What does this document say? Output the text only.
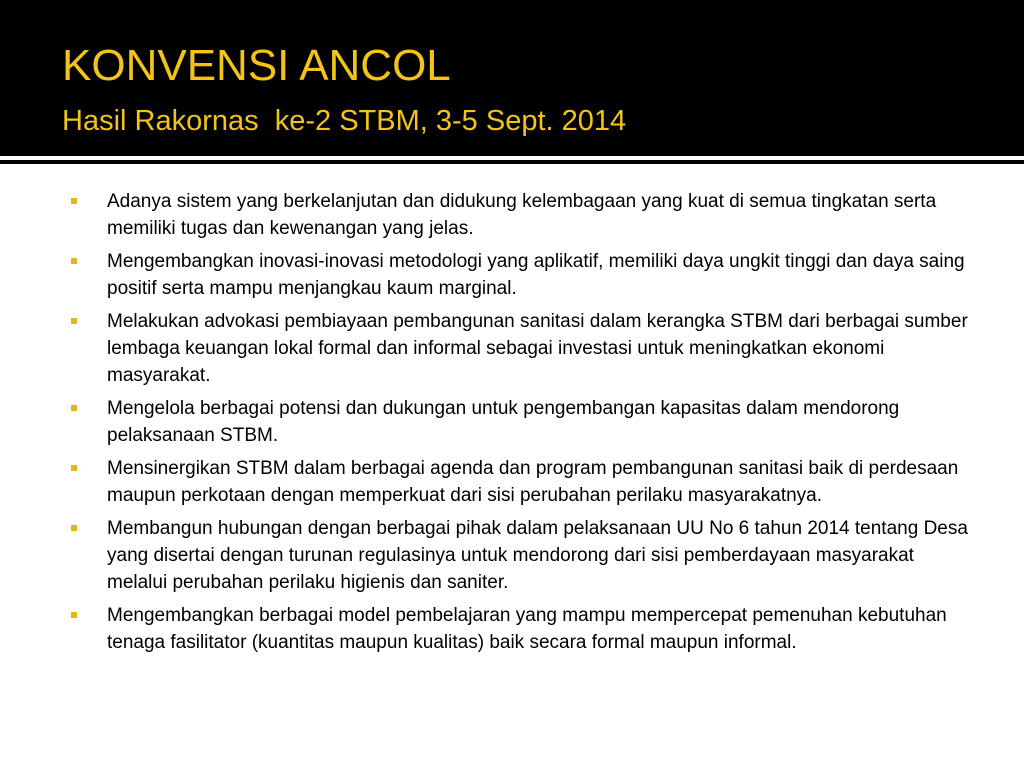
KONVENSI ANCOL
Hasil Rakornas  ke-2 STBM, 3-5 Sept. 2014
Adanya sistem yang berkelanjutan dan didukung kelembagaan yang kuat di semua tingkatan serta memiliki tugas dan kewenangan yang jelas.
Mengembangkan inovasi-inovasi metodologi yang aplikatif, memiliki daya ungkit tinggi dan daya saing positif serta mampu menjangkau kaum marginal.
Melakukan advokasi pembiayaan pembangunan sanitasi dalam kerangka STBM dari berbagai sumber lembaga keuangan lokal formal dan informal sebagai investasi untuk meningkatkan ekonomi masyarakat.
Mengelola berbagai potensi dan dukungan untuk pengembangan kapasitas dalam mendorong pelaksanaan STBM.
Mensinergikan STBM dalam berbagai agenda dan program pembangunan sanitasi baik di perdesaan maupun perkotaan dengan memperkuat dari sisi perubahan perilaku masyarakatnya.
Membangun hubungan dengan berbagai pihak dalam pelaksanaan UU No 6 tahun 2014 tentang Desa yang disertai dengan turunan regulasinya untuk mendorong dari sisi pemberdayaan masyarakat melalui perubahan perilaku higienis dan saniter.
Mengembangkan berbagai model pembelajaran yang mampu mempercepat pemenuhan kebutuhan tenaga fasilitator (kuantitas maupun kualitas) baik secara formal maupun informal.
